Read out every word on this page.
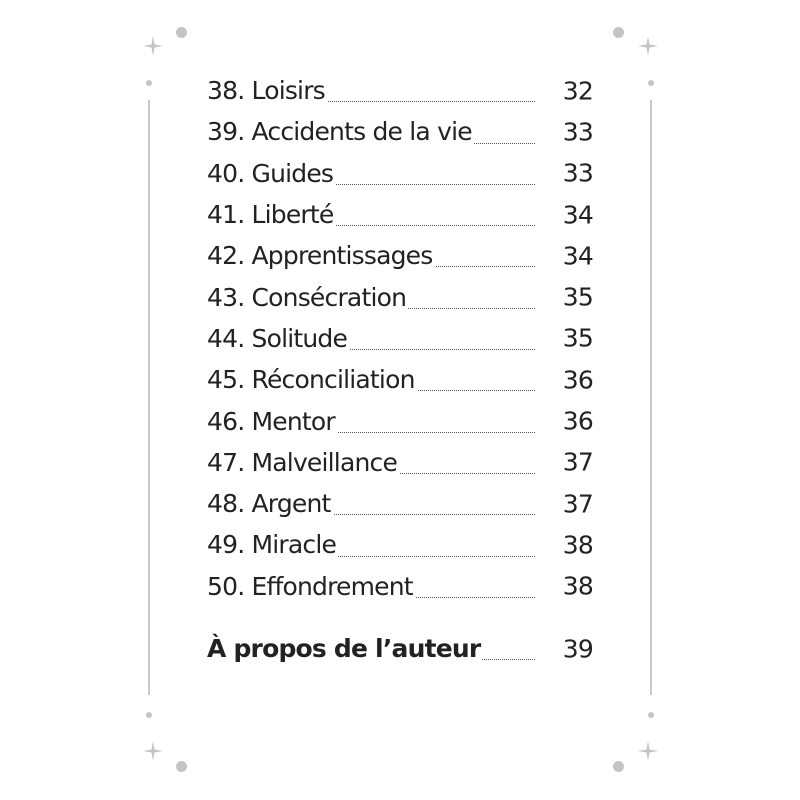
38. Loisirs	32
39. Accidents de la vie	33
40. Guides	33
41. Liberté	34
42. Apprentissages	34
43. Consécration	35
44. Solitude	35
45. Réconciliation	36
46. Mentor	36
47. Malveillance	37
48. Argent	37
49. Miracle	38
50. Effondrement	38
À propos de l’auteur	39
